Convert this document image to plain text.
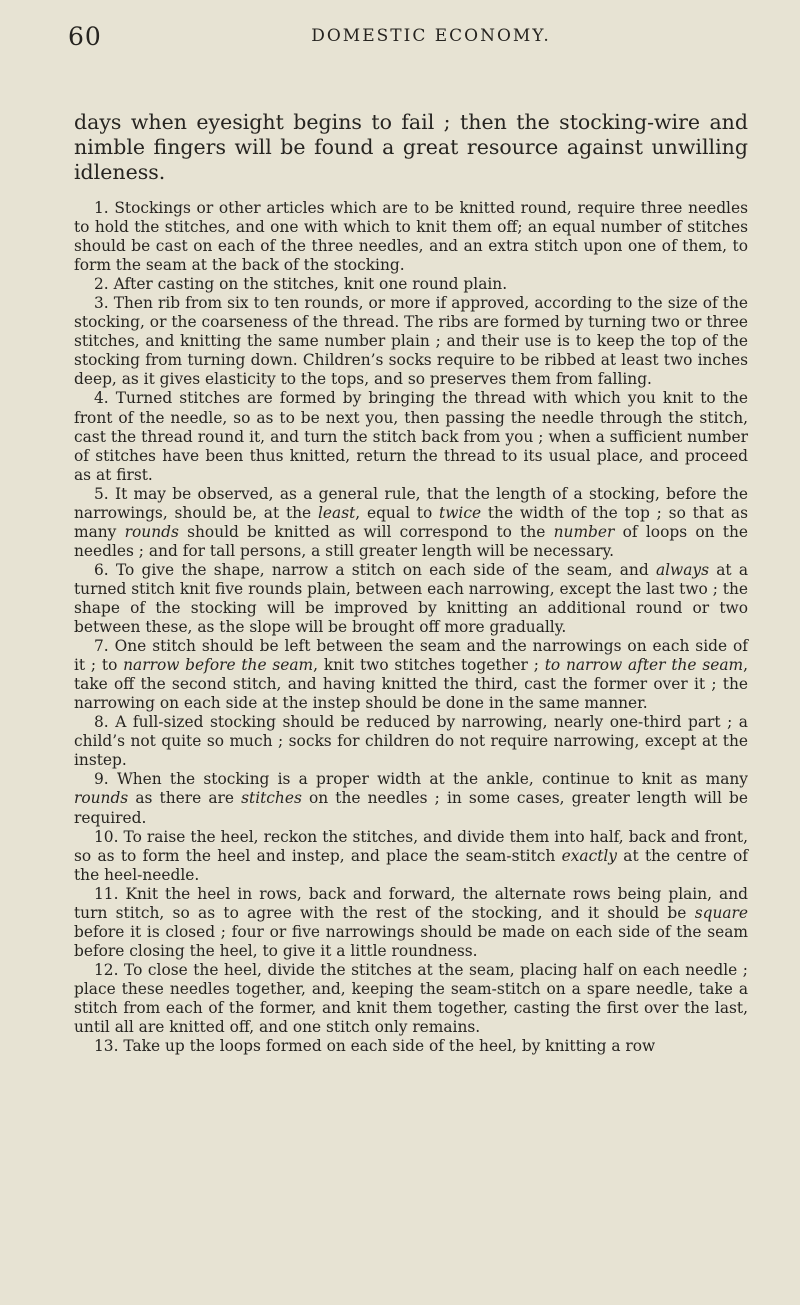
60	DOMESTIC ECONOMY.

days when eyesight begins to fail ; then the stocking-wire and nimble fingers will be found a great resource against unwilling idleness.

1. Stockings or other articles which are to be knitted round, require three needles to hold the stitches, and one with which to knit them off; an equal number of stitches should be cast on each of the three needles, and an extra stitch upon one of them, to form the seam at the back of the stocking.

2. After casting on the stitches, knit one round plain.

3. Then rib from six to ten rounds, or more if approved, according to the size of the stocking, or the coarseness of the thread. The ribs are formed by turning two or three stitches, and knitting the same number plain ; and their use is to keep the top of the stocking from turning down. Children’s socks require to be ribbed at least two inches deep, as it gives elasticity to the tops, and so preserves them from falling.

4. Turned stitches are formed by bringing the thread with which you knit to the front of the needle, so as to be next you, then passing the needle through the stitch, cast the thread round it, and turn the stitch back from you ; when a sufficient number of stitches have been thus knitted, return the thread to its usual place, and proceed as at first.

5. It may be observed, as a general rule, that the length of a stocking, before the narrowings, should be, at the least, equal to twice the width of the top ; so that as many rounds should be knitted as will correspond to the number of loops on the needles ; and for tall persons, a still greater length will be necessary.

6. To give the shape, narrow a stitch on each side of the seam, and always at a turned stitch knit five rounds plain, between each narrowing, except the last two ; the shape of the stocking will be improved by knitting an additional round or two between these, as the slope will be brought off more gradually.

7. One stitch should be left between the seam and the narrowings on each side of it ; to narrow before the seam, knit two stitches together ; to narrow after the seam, take off the second stitch, and having knitted the third, cast the former over it ; the narrowing on each side at the instep should be done in the same manner.

8. A full-sized stocking should be reduced by narrowing, nearly one-third part ; a child’s not quite so much ; socks for children do not require narrowing, except at the instep.

9. When the stocking is a proper width at the ankle, continue to knit as many rounds as there are stitches on the needles ; in some cases, greater length will be required.

10. To raise the heel, reckon the stitches, and divide them into half, back and front, so as to form the heel and instep, and place the seam-stitch exactly at the centre of the heel-needle.

11. Knit the heel in rows, back and forward, the alternate rows being plain, and turn stitch, so as to agree with the rest of the stocking, and it should be square before it is closed ; four or five narrowings should be made on each side of the seam before closing the heel, to give it a little roundness.

12. To close the heel, divide the stitches at the seam, placing half on each needle ; place these needles together, and, keeping the seam-stitch on a spare needle, take a stitch from each of the former, and knit them together, casting the first over the last, until all are knitted off, and one stitch only remains.

13. Take up the loops formed on each side of the heel, by knitting a row
